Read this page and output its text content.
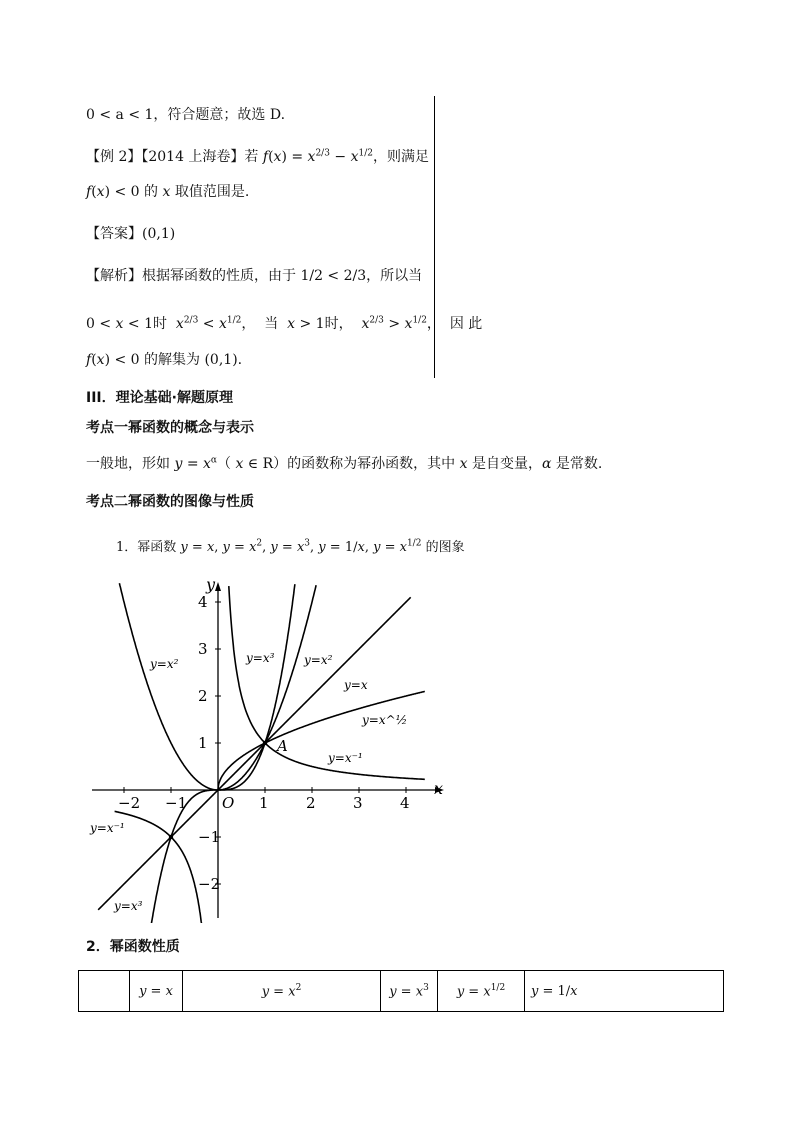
0 < a < 1，符合题意；故选 D.
【例 2】【2014 上海卷】若 $f(x) = x^{2/3} - x^{1/2}$，则满足
f(x) < 0 的 x 取值范围是.
【答案】(0,1)
【解析】根据幂函数的性质，由于 1/2 < 2/3，所以当
0 < x < 1时  $x^{2/3} < x^{1/2}$，  当  x > 1时，  $x^{2/3} > x^{1/2}$，  因 此
f(x) < 0 的解集为 (0,1).
III．理论基础·解题原理
考点一幂函数的概念与表示
一般地，形如 $y = x^\alpha$（ x ∈ R）的函数称为幂孙函数，其中 x 是自变量，α 是常数.
考点二幂函数的图像与性质
1．幂函数 y = x, $y = x^2$, $y = x^3$, y = 1/x, $y = x^{1/2}$ 的图象
−2 −1	1 2 3 4
4
3
2
1
−1
−2
x
y
O
A
y=x²	y=x³ y=x²
y=x
y=x^½
y=x⁻¹
y=x⁻¹
y=x³
2．幂函数性质
	y = x	$y = x^2$	$y = x^3$	$y = x^{1/2}$	y = 1/x
